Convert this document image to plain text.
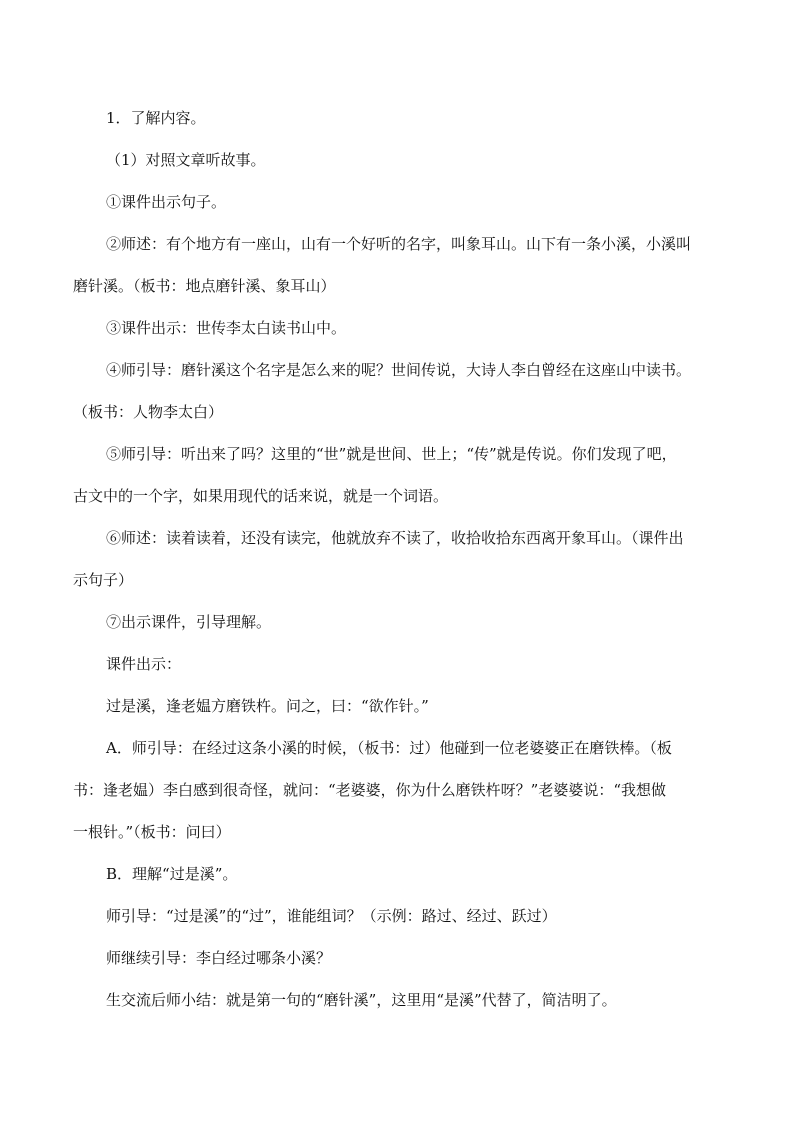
1．了解内容。
（1）对照文章听故事。
①课件出示句子。
②师述：有个地方有一座山，山有一个好听的名字，叫象耳山。山下有一条小溪，小溪叫
磨针溪。（板书：地点磨针溪、象耳山）
③课件出示：世传李太白读书山中。
④师引导：磨针溪这个名字是怎么来的呢？世间传说，大诗人李白曾经在这座山中读书。
（板书：人物李太白）
⑤师引导：听出来了吗？这里的“世”就是世间、世上；“传”就是传说。你们发现了吧，
古文中的一个字，如果用现代的话来说，就是一个词语。
⑥师述：读着读着，还没有读完，他就放弃不读了，收拾收拾东西离开象耳山。（课件出
示句子）
⑦出示课件，引导理解。
课件出示：
过是溪，逢老媪方磨铁杵。问之，曰：“欲作针。”
A．师引导：在经过这条小溪的时候，（板书：过）他碰到一位老婆婆正在磨铁棒。（板
书：逢老媪）李白感到很奇怪，就问：“老婆婆，你为什么磨铁杵呀？”老婆婆说：“我想做
一根针。”（板书：问曰）
B．理解“过是溪”。
师引导：“过是溪”的“过”，谁能组词？（示例：路过、经过、跃过）
师继续引导：李白经过哪条小溪？
生交流后师小结：就是第一句的“磨针溪”，这里用“是溪”代替了，简洁明了。
